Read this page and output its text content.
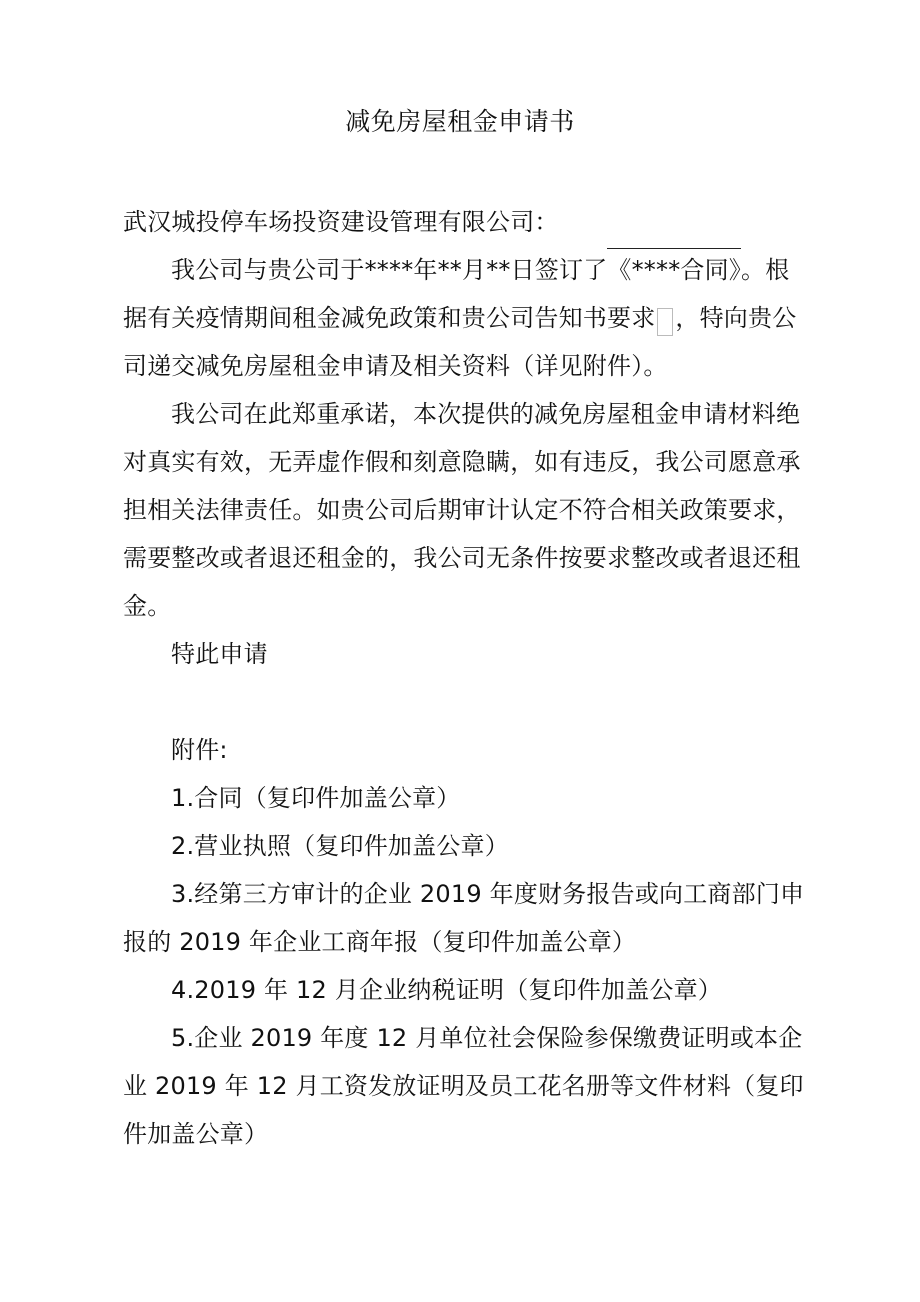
减免房屋租金申请书
武汉城投停车场投资建设管理有限公司：

我公司与贵公司于****年**月**日签订了
《****合同》。根据有关疫情期间租金减免政策和贵公司告知书要求 ，特向贵公司递交减免房屋租金申请及相关资料（详见附件）。

我公司在此郑重承诺，本次提供的减免房屋租金申请材料绝对真实有效，无弄虚作假和刻意隐瞒，如有违反，我公司愿意承担相关法律责任。如贵公司后期审计认定不符合相关政策要求，需要整改或者退还租金的，我公司无条件按要求整改或者退还租金。

特此申请

附件:

1.合同（复印件加盖公章）
2.营业执照（复印件加盖公章）
3.经第三方审计的企业 2019 年度财务报告或向工商部门申报的 2019 年企业工商年报（复印件加盖公章）
4.2019 年 12 月企业纳税证明（复印件加盖公章）
5.企业 2019 年度 12 月单位社会保险参保缴费证明或本企业 2019 年 12 月工资发放证明及员工花名册等文件材料（复印件加盖公章）
